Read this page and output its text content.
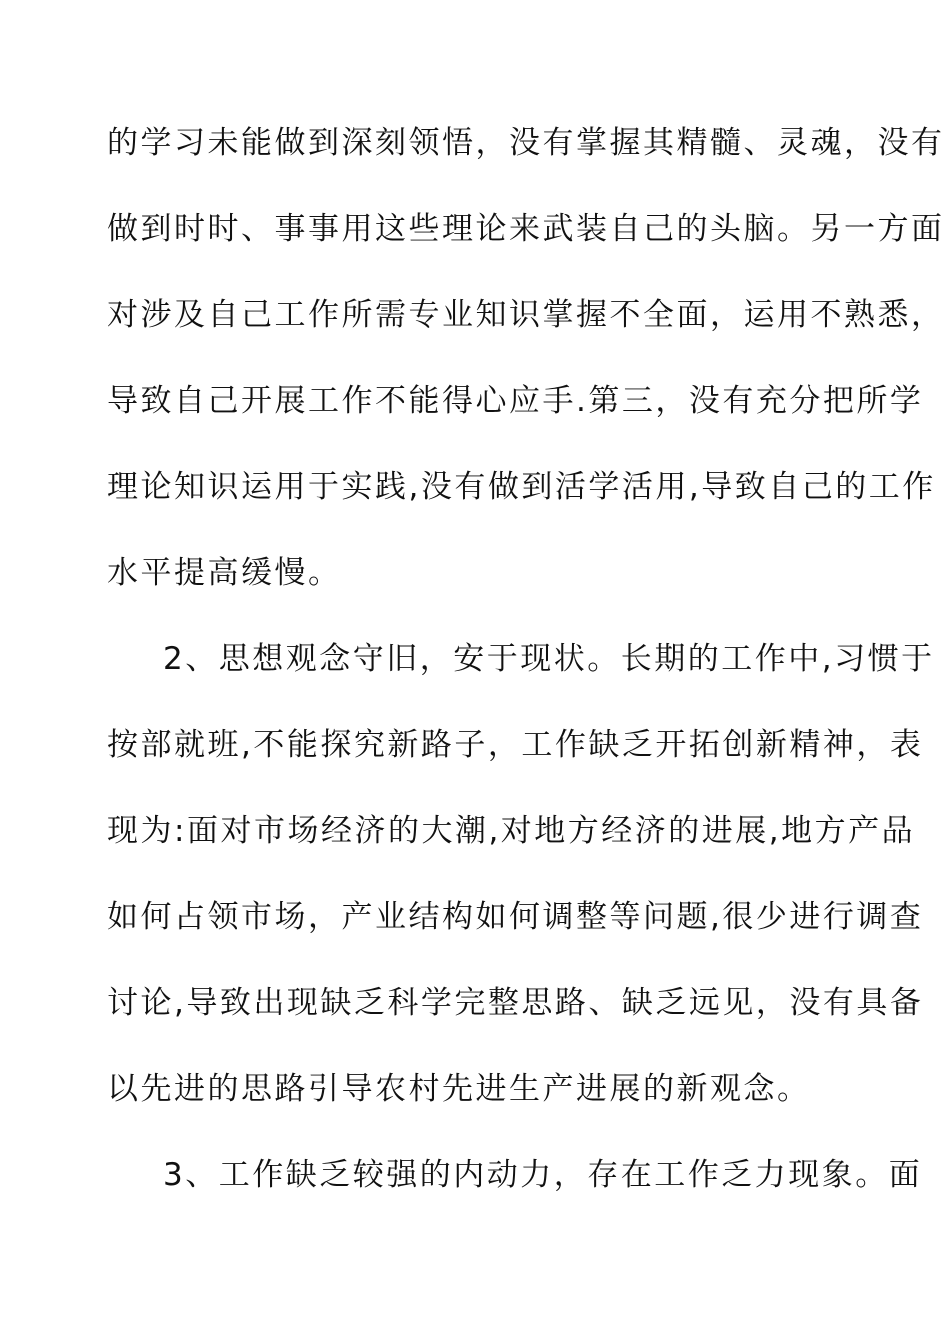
的学习未能做到深刻领悟，没有掌握其精髓、灵魂，没有
做到时时、事事用这些理论来武装自己的头脑。另一方面
对涉及自己工作所需专业知识掌握不全面，运用不熟悉，
导致自己开展工作不能得心应手.第三，没有充分把所学
理论知识运用于实践,没有做到活学活用,导致自己的工作
水平提高缓慢。
2、思想观念守旧，安于现状。长期的工作中,习惯于
按部就班,不能探究新路子，工作缺乏开拓创新精神，表
现为:面对市场经济的大潮,对地方经济的进展,地方产品
如何占领市场，产业结构如何调整等问题,很少进行调查
讨论,导致出现缺乏科学完整思路、缺乏远见，没有具备
以先进的思路引导农村先进生产进展的新观念。
3、工作缺乏较强的内动力，存在工作乏力现象。面
